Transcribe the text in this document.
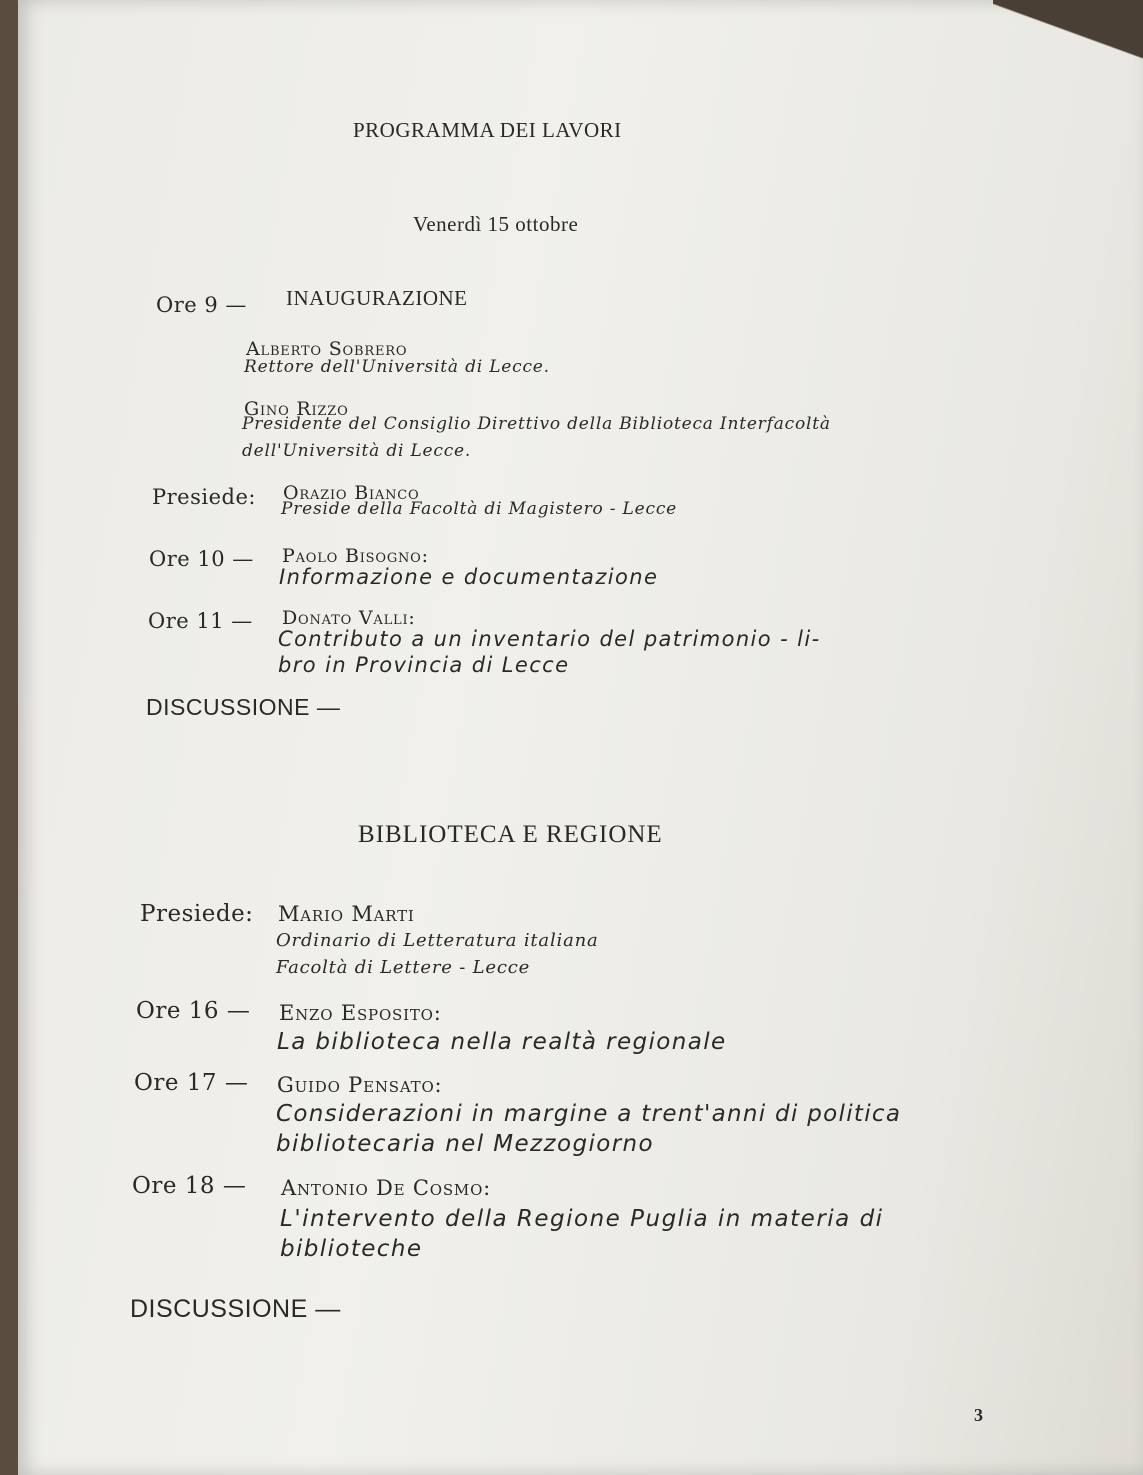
PROGRAMMA DEI LAVORI
Venerdì 15 ottobre
Ore 9 — INAUGURAZIONE
Alberto Sobrero
Rettore dell'Università di Lecce.
Gino Rizzo
Presidente del Consiglio Direttivo della Biblioteca Interfacoltà
dell'Università di Lecce.
Presiede: Orazio Bianco
Preside della Facoltà di Magistero - Lecce
Ore 10 — Paolo Bisogno:
Informazione e documentazione
Ore 11 — Donato Valli:
Contributo a un inventario del patrimonio - li-
bro in Provincia di Lecce
DISCUSSIONE —
BIBLIOTECA E REGIONE
Presiede: Mario Marti
Ordinario di Letteratura italiana
Facoltà di Lettere - Lecce
Ore 16 — Enzo Esposito:
La biblioteca nella realtà regionale
Ore 17 — Guido Pensato:
Considerazioni in margine a trent'anni di politica
bibliotecaria nel Mezzogiorno
Ore 18 — Antonio De Cosmo:
L'intervento della Regione Puglia in materia di
biblioteche
DISCUSSIONE —
3
